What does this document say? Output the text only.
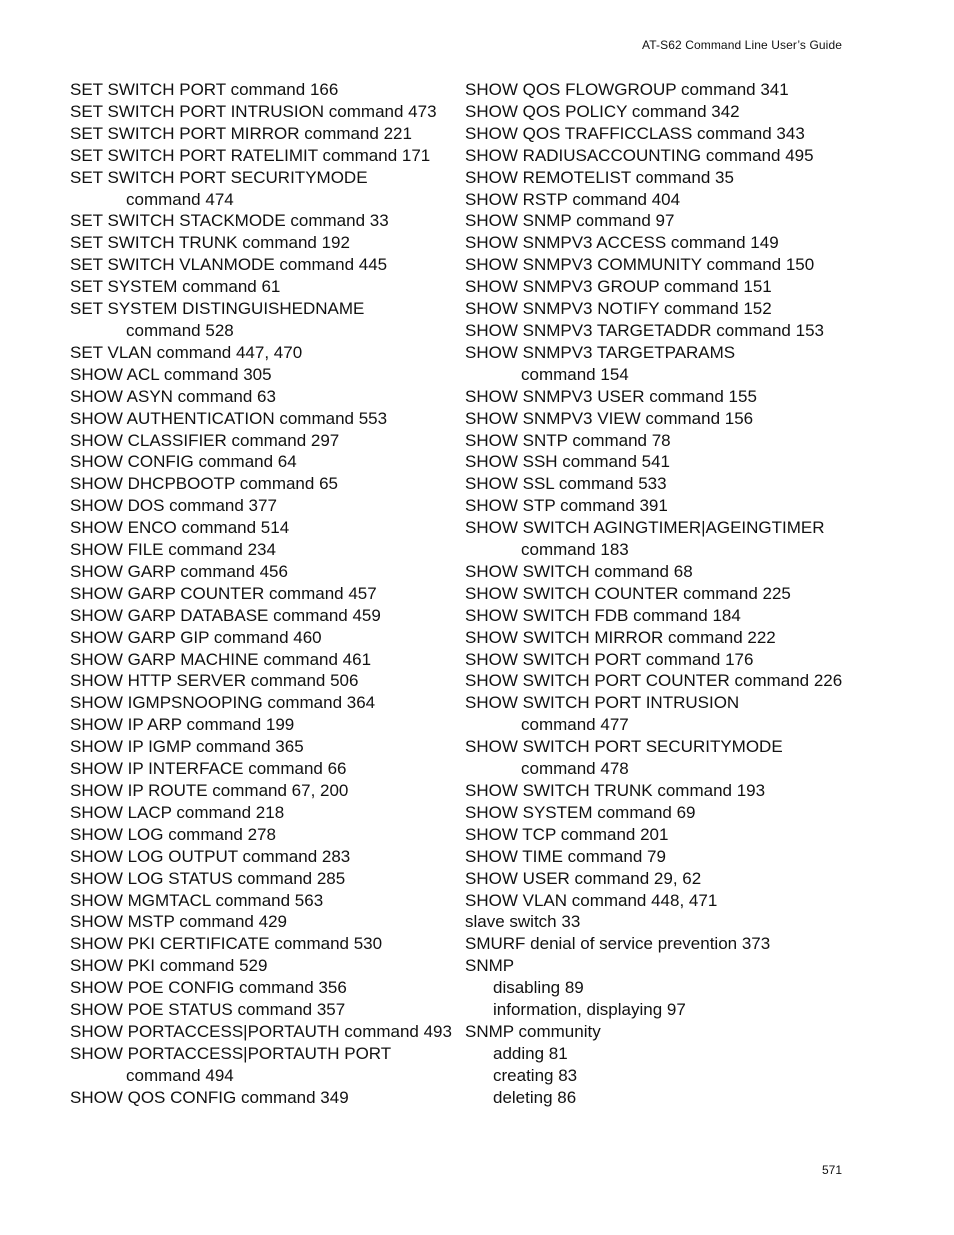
AT-S62 Command Line User’s Guide
SET SWITCH PORT command 166
SET SWITCH PORT INTRUSION command 473
SET SWITCH PORT MIRROR command 221
SET SWITCH PORT RATELIMIT command 171
SET SWITCH PORT SECURITYMODE
command 474
SET SWITCH STACKMODE command 33
SET SWITCH TRUNK command 192
SET SWITCH VLANMODE command 445
SET SYSTEM command 61
SET SYSTEM DISTINGUISHEDNAME
command 528
SET VLAN command 447, 470
SHOW ACL command 305
SHOW ASYN command 63
SHOW AUTHENTICATION command 553
SHOW CLASSIFIER command 297
SHOW CONFIG command 64
SHOW DHCPBOOTP command 65
SHOW DOS command 377
SHOW ENCO command 514
SHOW FILE command 234
SHOW GARP command 456
SHOW GARP COUNTER command 457
SHOW GARP DATABASE command 459
SHOW GARP GIP command 460
SHOW GARP MACHINE command 461
SHOW HTTP SERVER command 506
SHOW IGMPSNOOPING command 364
SHOW IP ARP command 199
SHOW IP IGMP command 365
SHOW IP INTERFACE command 66
SHOW IP ROUTE command 67, 200
SHOW LACP command 218
SHOW LOG command 278
SHOW LOG OUTPUT command 283
SHOW LOG STATUS command 285
SHOW MGMTACL command 563
SHOW MSTP command 429
SHOW PKI CERTIFICATE command 530
SHOW PKI command 529
SHOW POE CONFIG command 356
SHOW POE STATUS command 357
SHOW PORTACCESS|PORTAUTH command 493
SHOW PORTACCESS|PORTAUTH PORT
command 494
SHOW QOS CONFIG command 349
SHOW QOS FLOWGROUP command 341
SHOW QOS POLICY command 342
SHOW QOS TRAFFICCLASS command 343
SHOW RADIUSACCOUNTING command 495
SHOW REMOTELIST command 35
SHOW RSTP command 404
SHOW SNMP command 97
SHOW SNMPV3 ACCESS command 149
SHOW SNMPV3 COMMUNITY command 150
SHOW SNMPV3 GROUP command 151
SHOW SNMPV3 NOTIFY command 152
SHOW SNMPV3 TARGETADDR command 153
SHOW SNMPV3 TARGETPARAMS
command 154
SHOW SNMPV3 USER command 155
SHOW SNMPV3 VIEW command 156
SHOW SNTP command 78
SHOW SSH command 541
SHOW SSL command 533
SHOW STP command 391
SHOW SWITCH AGINGTIMER|AGEINGTIMER
command 183
SHOW SWITCH command 68
SHOW SWITCH COUNTER command 225
SHOW SWITCH FDB command 184
SHOW SWITCH MIRROR command 222
SHOW SWITCH PORT command 176
SHOW SWITCH PORT COUNTER command 226
SHOW SWITCH PORT INTRUSION
command 477
SHOW SWITCH PORT SECURITYMODE
command 478
SHOW SWITCH TRUNK command 193
SHOW SYSTEM command 69
SHOW TCP command 201
SHOW TIME command 79
SHOW USER command 29, 62
SHOW VLAN command 448, 471
slave switch 33
SMURF denial of service prevention 373
SNMP
disabling 89
information, displaying 97
SNMP community
adding 81
creating 83
deleting 86
571
